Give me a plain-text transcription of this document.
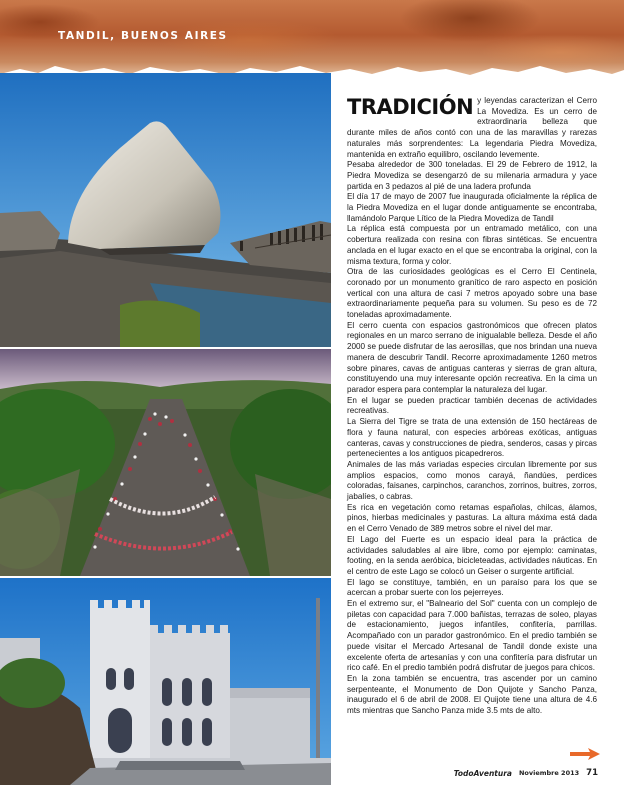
TANDIL, BUENOS AIRES

TRADICIÓN y leyendas caracterizan el Cerro La Movediza. Es un cerro de extraordinaria belleza que durante miles de años contó con una de las maravillas y rarezas naturales más sorprendentes: La legendaria Piedra Movediza, mantenida en extraño equilibro, oscilando levemente.

Pesaba alrededor de 300 toneladas. El 29 de Febrero de 1912, la Piedra Movediza se desengarzó de su milenaria armadura y yace partida en 3 pedazos al pié de una ladera profunda

El día 17 de mayo de 2007 fue inaugurada oficialmente la réplica de la Piedra Movediza en el lugar donde antiguamente se encontraba, llamándolo Parque Lítico de la Piedra Movediza de Tandil

La réplica está compuesta por un entramado metálico, con una cobertura realizada con resina con fibras sintéticas. Se encuentra anclada en el lugar exacto en el que se encontraba la original, con la misma textura, forma y color.

Otra de las curiosidades geológicas es el Cerro El Centinela, coronado por un monumento granítico de raro aspecto en posición vertical con una altura de casi 7 metros apoyado sobre una base extraordinariamente pequeña para su volumen. Su peso es de 72 toneladas aproximadamente.

El cerro cuenta con espacios gastronómicos que ofrecen platos regionales en un marco serrano de inigualable belleza. Desde el año 2000 se puede disfrutar de las aerosillas, que nos brindan una nueva manera de descubrir Tandil. Recorre aproximadamente 1260 metros sobre pinares, cavas de antiguas canteras y sierras de gran altura, constituyendo una muy interesante opción recreativa. En la cima un parador espera para contemplar la naturaleza del lugar.

En el lugar se pueden practicar también decenas de actividades recreativas.

La Sierra del Tigre se trata de una extensión de 150 hectáreas de flora y fauna natural, con especies arbóreas exóticas, antiguas canteras, cavas y construcciones de piedra, senderos, casas y pircas pertenecientes a los antiguos picapedreros.

Animales de las más variadas especies circulan libremente por sus amplios espacios, como monos carayá, ñandúes, perdices coloradas, faisanes, carpinchos, caranchos, zorrinos, buitres, zorros, jabalíes, o cabras.

Es rica en vegetación como retamas españolas, chilcas, álamos, pinos, hierbas medicinales y pasturas. La altura máxima está dada en el Cerro Venado de 389 metros sobre el nivel del mar.

El Lago del Fuerte es un espacio ideal para la práctica de actividades saludables al aire libre, como por ejemplo: caminatas, footing, en la senda aeróbica, bicicleteadas, actividades náuticas. En el centro de este Lago se colocó un Geiser o surgente artificial.

El lago se constituye, también, en un paraíso para los que se acercan a probar suerte con los pejerreyes.

En el extremo sur, el "Balneario del Sol" cuenta con un complejo de piletas con capacidad para 7.000 bañistas, terrazas de soleo, playas de estacionamiento, juegos infantiles, confitería, parrillas. Acompañado con un parador gastronómico. En el predio también se puede visitar el Mercado Artesanal de Tandil donde existe una excelente oferta de artesanías y con una confitería para disfrutar un rico café. En el predio también podrá disfrutar de juegos para chicos.

En la zona también se encuentra, tras ascender por un camino serpenteante, el Monumento de Don Quijote y Sancho Panza, inaugurado el 6 de abril de 2008. El Quijote tiene una altura de 4.6 mts mientras que Sancho Panza mide 3.5 mts de alto.

TodoAventura Noviembre 2013 71
